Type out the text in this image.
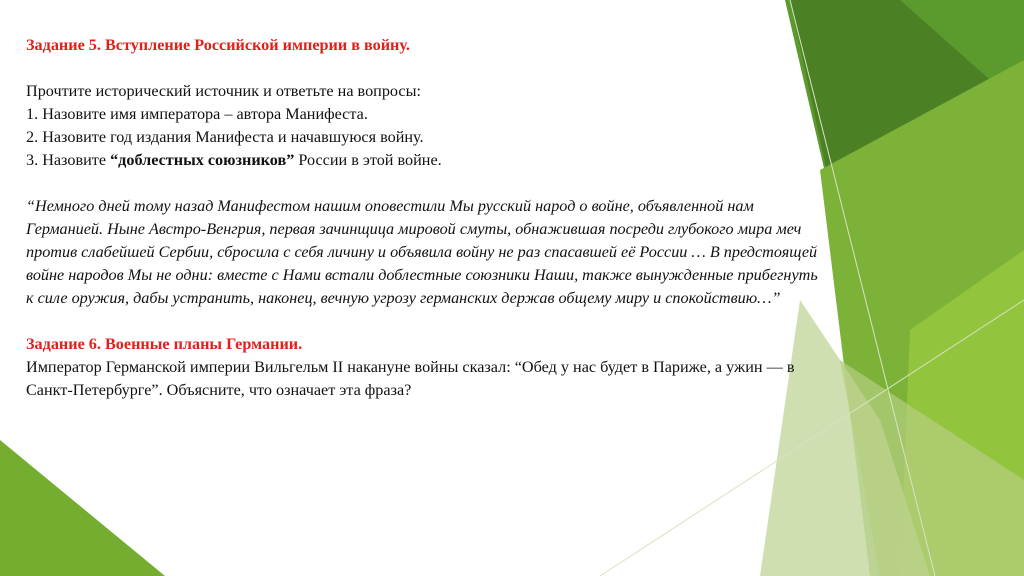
Задание 5. Вступление Российской империи в войну.
Прочтите исторический источник и ответьте на вопросы:
1. Назовите имя императора – автора Манифеста.
2. Назовите год издания Манифеста и начавшуюся войну.
3. Назовите “доблестных союзников” России в этой войне.
“Немного дней тому назад Манифестом нашим оповестили Мы русский народ о войне, объявленной нам
Германией. Ныне Австро-Венгрия, первая зачинщица мировой смуты, обнажившая посреди глубокого мира меч
против слабейшей Сербии, сбросила с себя личину и объявила войну не раз спасавшей её России … В предстоящей
войне народов Мы не одни: вместе с Нами встали доблестные союзники Наши, также вынужденные прибегнуть
к силе оружия, дабы устранить, наконец, вечную угрозу германских держав общему миру и спокойствию…”
Задание 6. Военные планы Германии.
Император Германской империи Вильгельм II накануне войны сказал: “Обед у нас будет в Париже, а ужин — в
Санкт-Петербурге”. Объясните, что означает эта фраза?
